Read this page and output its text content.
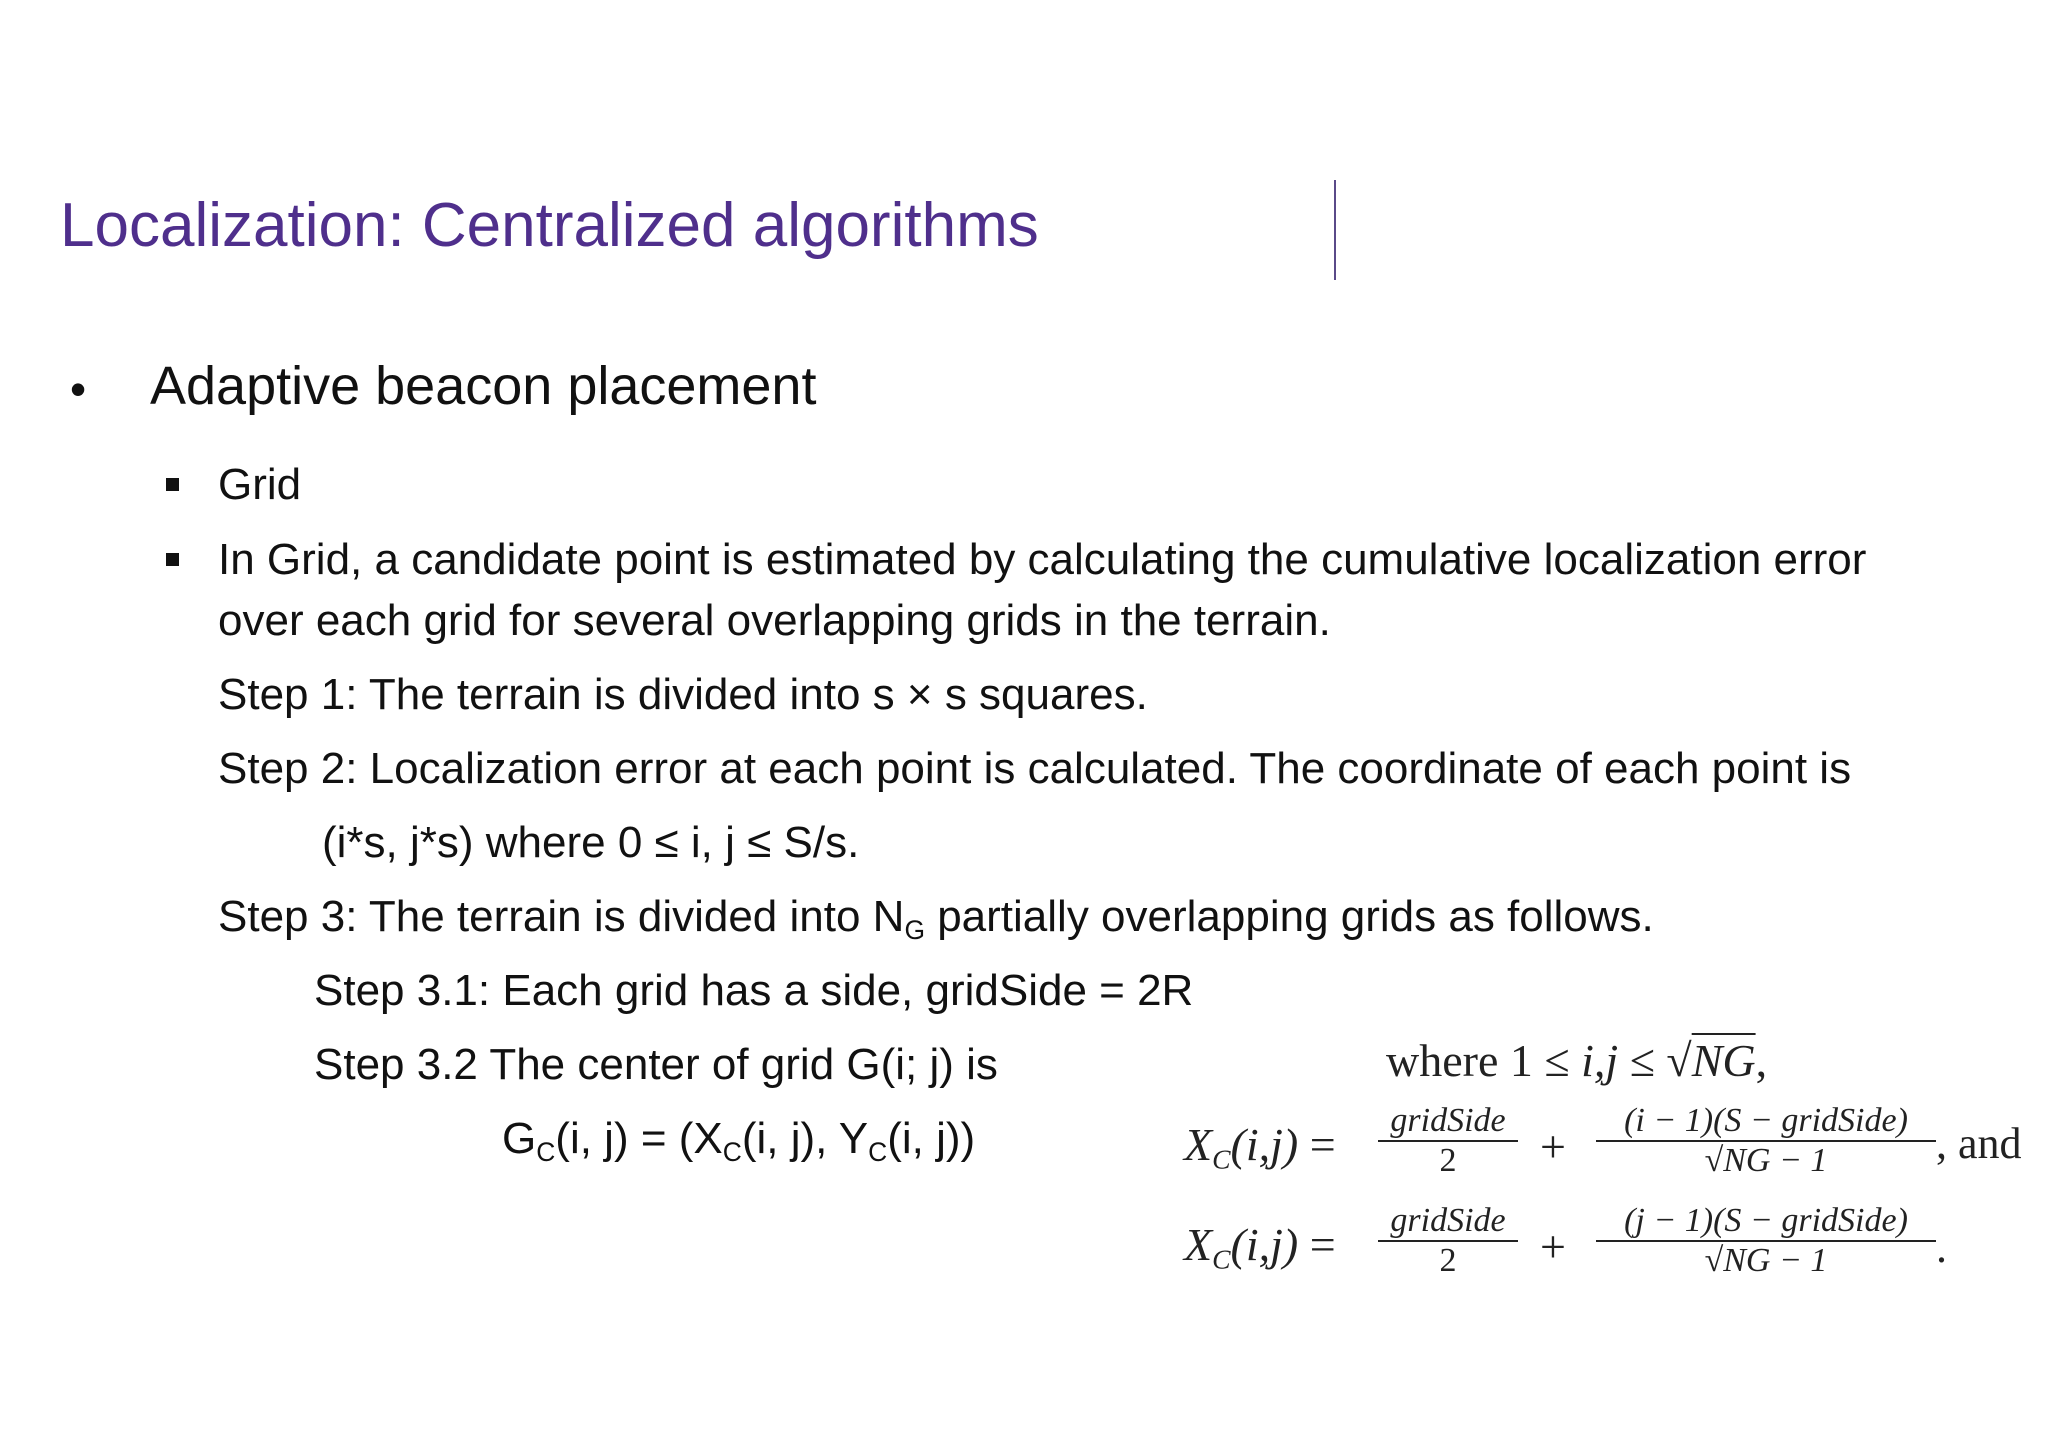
Localization: Centralized algorithms
• Adaptive beacon placement
Grid
In Grid, a candidate point is estimated by calculating the cumulative localization error
over each grid for several overlapping grids in the terrain.
Step 1: The terrain is divided into s × s squares.
Step 2: Localization error at each point is calculated. The coordinate of each point is
(i*s, j*s) where 0 ≤ i, j ≤ S/s.
Step 3: The terrain is divided into $N_G$ partially overlapping grids as follows.
Step 3.1: Each grid has a side, gridSide = 2R
Step 3.2 The center of grid G(i; j) is
$G_C(i$, $j) = (X_C(i$, j), $Y_C(i$, j))
where 1 ≤ i,j ≤ √NG,
$X_C(i,j)$ =	gridSide
2	+
(i − 1)(S − gridSide)
√NG − 1	, and
$X_C(i,j)$ =	gridSide
2	+
(j − 1)(S − gridSide)
√NG − 1	.
